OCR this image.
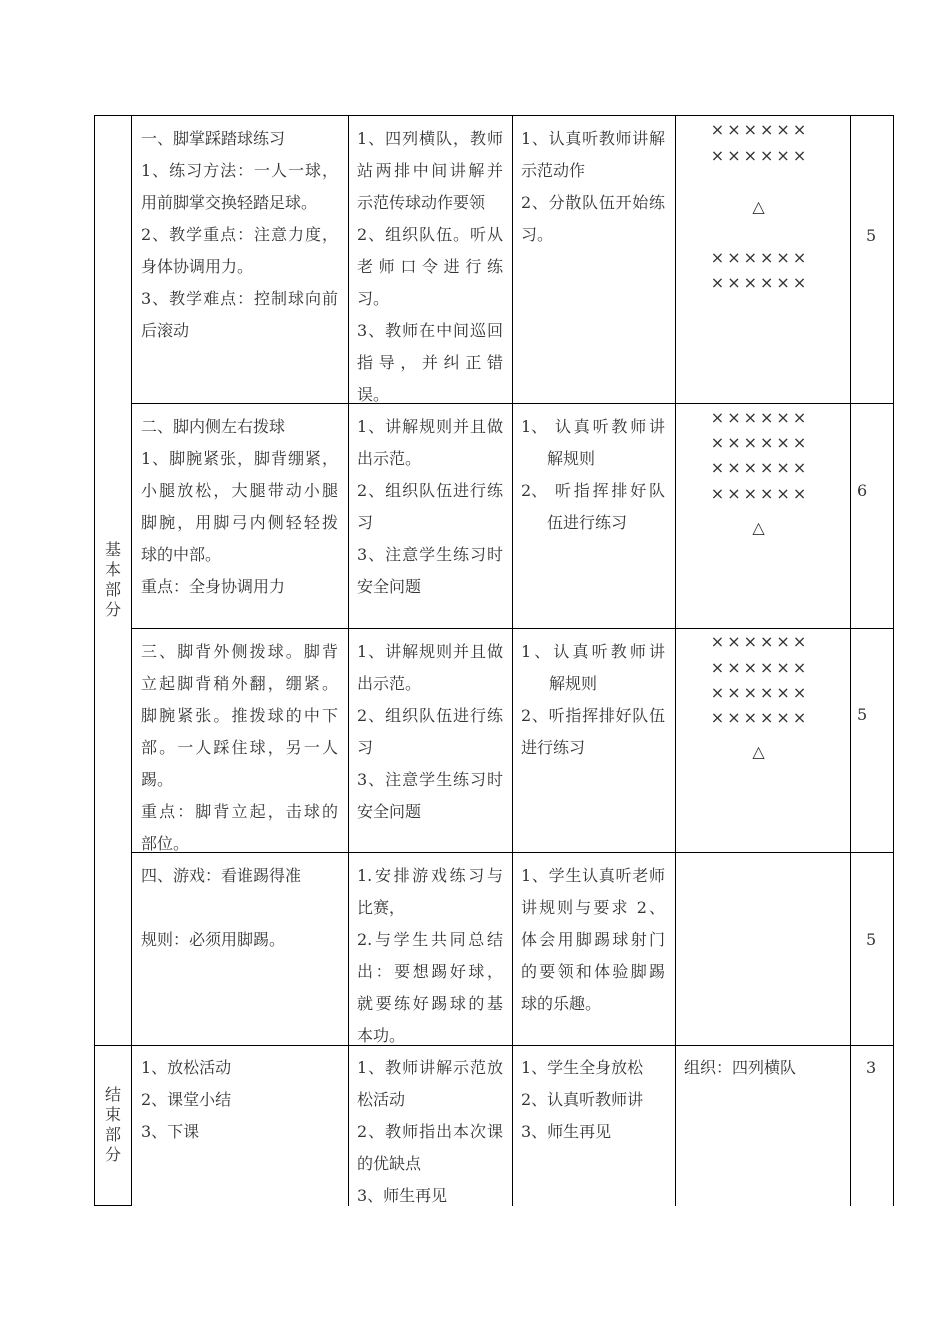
基本部分
结束部分
一、脚掌踩踏球练习
1、练习方法：一人一球，
用前脚掌交换轻踏足球。
2、教学重点：注意力度，
身体协调用力。
3、教学难点：控制球向前
后滚动
1、四列横队，教师
站两排中间讲解并
示范传球动作要领
2、组织队伍。听从
老师口令进行练
习。
3、教师在中间巡回
指导，并纠正错
误。
1、认真听教师讲解
示范动作
2、分散队伍开始练
习。
××××××
××××××
△
××××××
××××××
5
二、脚内侧左右拨球
1、脚腕紧张，脚背绷紧，
小腿放松，大腿带动小腿
脚腕，用脚弓内侧轻轻拨
球的中部。
重点：全身协调用力
1、讲解规则并且做
出示范。
2、组织队伍进行练
习
3、注意学生练习时
安全问题
1、 认真听教师讲
解规则
2、 听指挥排好队
伍进行练习
××××××
××××××
××××××
××××××
△
6
三、脚背外侧拨球。脚背
立起脚背稍外翻，绷紧。
脚腕紧张。推拨球的中下
部。一人踩住球，另一人
踢。
重点：脚背立起，击球的
部位。
1、讲解规则并且做
出示范。
2、组织队伍进行练
习
3、注意学生练习时
安全问题
1、认真听教师讲
解规则
2、听指挥排好队伍
进行练习
××××××
××××××
××××××
××××××
△
5
四、游戏：看谁踢得准
规则：必须用脚踢。
1.安排游戏练习与
比赛，
2.与学生共同总结
出：要想踢好球，
就要练好踢球的基
本功。
1、学生认真听老师
讲规则与要求 2、
体会用脚踢球射门
的要领和体验脚踢
球的乐趣。
5
1、放松活动
2、课堂小结
3、下课
1、教师讲解示范放
松活动
2、教师指出本次课
的优缺点
3、师生再见
1、学生全身放松
2、认真听教师讲
3、师生再见
组织：四列横队	3
